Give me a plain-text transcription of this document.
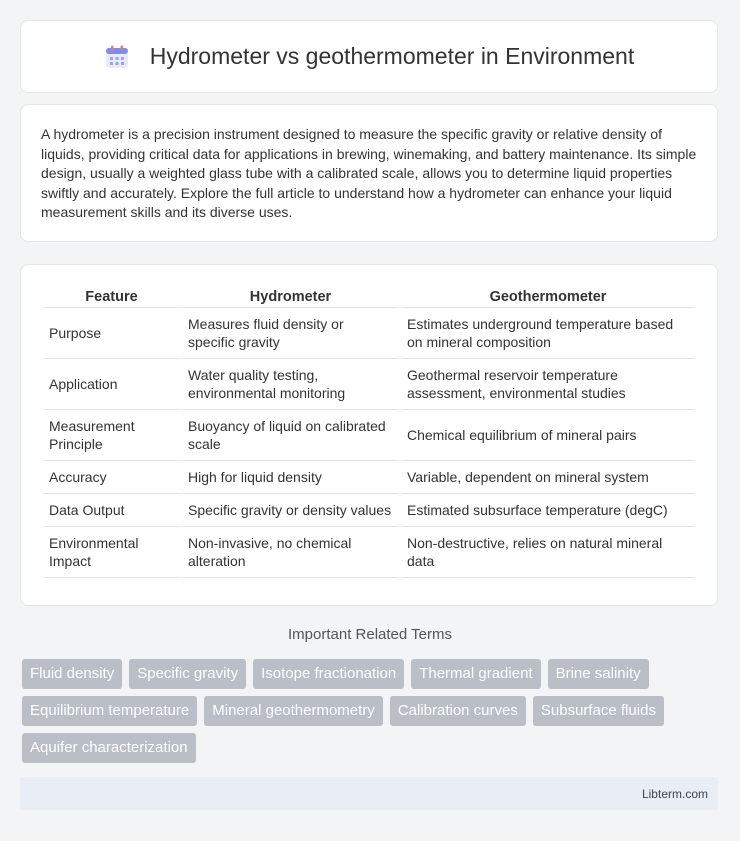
Hydrometer vs geothermometer in Environment

A hydrometer is a precision instrument designed to measure the specific gravity or relative density of liquids, providing critical data for applications in brewing, winemaking, and battery maintenance. Its simple design, usually a weighted glass tube with a calibrated scale, allows you to determine liquid properties swiftly and accurately. Explore the full article to understand how a hydrometer can enhance your liquid measurement skills and its diverse uses.

Feature	Hydrometer	Geothermometer
Purpose	Measures fluid density or specific gravity	Estimates underground temperature based on mineral composition
Application	Water quality testing, environmental monitoring	Geothermal reservoir temperature assessment, environmental studies
Measurement Principle	Buoyancy of liquid on calibrated scale	Chemical equilibrium of mineral pairs
Accuracy	High for liquid density	Variable, dependent on mineral system
Data Output	Specific gravity or density values	Estimated subsurface temperature (degC)
Environmental Impact	Non-invasive, no chemical alteration	Non-destructive, relies on natural mineral data
Important Related Terms
Fluid density	Specific gravity	Isotope fractionation	Thermal gradient	Brine salinity
Equilibrium temperature	Mineral geothermometry	Calibration curves	Subsurface fluids
Aquifer characterization
Libterm.com
